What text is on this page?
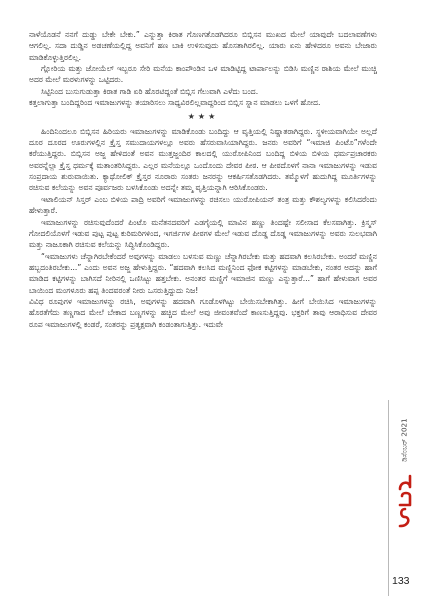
ನಾಳೆಯೊಡನೆ ನನಗೆ ದುಡ್ಡು ಬೇಕೇ ಬೇಕು.” ಎನ್ನುತ್ತಾ ಕಿರಾತ ಗೊಣಗತೊಡಗಿದರೂ ಬಿಬ್ಲಿಸನ ಮುಖದ ಮೇಲೆ ಯಾವುದೇ ಬದಲಾವಣೆಗಳು ಆಗಲಿಲ್ಲ. ಸದಾ ದುಡ್ಡಿನ ಅಡಚಣೆಯಲ್ಲಿದ್ದ ಅವನಿಗೆ ಹಣ ಬಾಕಿ ಉಳಿಸುವುದು ಹೊಸತಾಗಿರಲಿಲ್ಲ. ಯಾರು ಏನು ಹೇಳಿದರೂ ಅವನು ಬೇಜಾರು ಮಾಡಿಕೊಳ್ಳುತ್ತಿರಲಿಲ್ಲ.

ಗ್ಲೋರಿಯ ಮತ್ತು ಜೋಯೆಲ್ ಇಬ್ಬರೂ ಸೇರಿ ಮನೆಯ ಕಾಂಪೌಂಡಿನ ಒಳ ಮಾಡಿಟ್ಟಿದ್ದ ಟಾರ್ಪಾಲನ್ನು ಬಿಡಿಸಿ ಮಣ್ಣಿನ ರಾಶಿಯ ಮೇಲೆ ಮುಚ್ಚಿ ಅದರ ಮೇಲೆ ಮರಳುಗಳನ್ನು ಒಟ್ಟಿದರು.

ಸಿಟ್ಟಿನಿಂದ ಬುಸುಗುಡುತ್ತಾ ಕಿರಾತ ಗಾಡಿ ಏರಿ ಹೊರಟಿದ್ದಂತೆ ಬಿಬ್ಲಿಸ ಗೆಲುವಾಗಿ ಎಳೆದು ಬಂದ.

ಕತ್ತಲಾಗುತ್ತಾ ಬಂದಿದ್ದರಿಂದ ಇಮಾಜುಗಳನ್ನು ತಯಾರಿಸಲು ಸಾಧ್ಯವಿರಲಿಲ್ಲವಾದ್ದರಿಂದ ಬಿಬ್ಲಿಸ ಸ್ನಾನ ಮಾಡಲು ಒಳಗೆ ಹೋದ.

★★★

ಹಿಂದಿನಿಂದಲೂ ಬಿಬ್ಲಿಸನ ಹಿರಿಯರು ಇಮಾಜುಗಳನ್ನು ಮಾಡಿಕೊಂಡು ಬಂದಿದ್ದು ಆ ವೃತ್ತಿಯಲ್ಲಿ ನಿಷ್ಣಾತರಾಗಿದ್ದರು. ಸ್ಥಳೀಯವಾಗಿಯೇ ಅಲ್ಲದೆ ದೂರ ದೂರದ ಊರುಗಳಲ್ಲಿನ ಕ್ರೈಸ್ತ ಸಮುದಾಯಗಳಲ್ಲೂ ಅವರು ಹೆಸರುವಾಸಿಯಾಗಿದ್ದರು. ಜನರು ಅವರಿಗೆ “ಇಮಾಜಿ ಪಿಂಟೊ”ಗಳೆಂದೇ ಕರೆಯುತ್ತಿದ್ದರು. ಬಿಬ್ಲಿಸನ ಅಜ್ಜ ಹೇಳಿದಂತೆ ಅವನ ಮುತ್ತಜ್ಜಂದಿರ ಕಾಲದಲ್ಲಿ ಯುರೋಪಿನಿಂದ ಬಂದಿದ್ದ ಬಿಳಿಯ ಬಿಳಿಯ ಧರ್ಮಪ್ರಚಾರಕರು ಅವರನ್ನೆಲ್ಲಾ ಕ್ರೈಸ್ತ ಧರ್ಮಕ್ಕೆ ಮತಾಂತರಿಸಿದ್ದರು. ಎಲ್ಲರ ಮನೆಯಲ್ಲೂ ಒಂದೊಂದು ದೇವರ ಪೀಠ. ಆ ಪೀಠದೊಳಗೆ ನಾನಾ ಇಮಾಜುಗಳನ್ನು ಇಡುವ ಸಂಪ್ರದಾಯ ಶುರುವಾಯಿತು. ಕ್ಯಾಥೋಲಿಕ್ ಕ್ರೈಸ್ತರ ನೂರಾರು ಸಂತರು ಜನರನ್ನು ಆಕರ್ಷಿಸತೊಡಗಿದರು. ತಮ್ಮೊಳಗೆ ಹುದುಗಿದ್ದ ಮೂರ್ತಿಗಳನ್ನು ರಚಿಸುವ ಕಲೆಯನ್ನು ಅವನ ಪೂರ್ವಜರು ಬಳಸಿಕೊಂಡು ಅದನ್ನೇ ತಮ್ಮ ವೃತ್ತಿಯನ್ನಾಗಿ ಆರಿಸಿಕೊಂಡರು.

ಇಟಾಲಿಯನ್ ಸಿಸ್ತರ್ ಎಂಬ ಬಿಳಿಯ ಪಾದ್ರಿ ಅವರಿಗೆ ಇಮಾಜುಗಳನ್ನು ರಚಿಸಲು ಯುರೋಪಿಯನ್ ತಂತ್ರ ಮತ್ತು ಕೌಶಲ್ಯಗಳನ್ನು ಕಲಿಸಿದರೆಂದು ಹೇಳುತ್ತಾರೆ.

ಇಮಾಜುಗಳನ್ನು ರಚಿಸುವುದೆಂದರೆ ಪಿಂಟೊ ಮನೆತನದವರಿಗೆ ಎಡಗೈಯಲ್ಲಿ ಮಾವಿನ ಹಣ್ಣು ತಿಂದಷ್ಟೇ ಸಲೀಸಾದ ಕೆಲಸವಾಗಿತ್ತು. ಕ್ರಿಸ್ಮಸ್ ಗೋದಲಿಯೊಳಗೆ ಇಡುವ ಪುಟ್ಟ ಪುಟ್ಟ ಕುರಿಮರಿಗಳಿಂದ, ಇಗರ್ಜಿಗಳ ಪೀಠಗಳ ಮೇಲೆ ಇಡುವ ದೊಡ್ಡ ದೊಡ್ಡ ಇಮಾಜುಗಳನ್ನು ಅವರು ಸುಲಭವಾಗಿ ಮತ್ತು ನಾಜೂಕಾಗಿ ರಚಿಸುವ ಕಲೆಯನ್ನು ಸಿದ್ಧಿಸಿಕೊಂಡಿದ್ದರು.

“ಇಮಾಜುಗಳು ಚೆನ್ನಾಗಿರಬೇಕೆಂದರೆ ಅವುಗಳನ್ನು ಮಾಡಲು ಬಳಸುವ ಮಣ್ಣು ಚೆನ್ನಾಗಿರಬೇಕು ಮತ್ತು ಹದವಾಗಿ ಕಲಸಿರಬೇಕು. ಅಂದರೆ ಮಣ್ಣಿನ ಹಬ್ಬದಂತಿರಬೇಕು...” ಎಂದು ಅವನ ಅಜ್ಜ ಹೇಳುತ್ತಿದ್ದರು. “ಹದವಾಗಿ ಕಲಸಿದ ಮಣ್ಣಿನಿಂದ ಫೋಕ ಕಟ್ಟಿಗಳನ್ನು ಮಾಡಬೇಕು, ನಂತರ ಅದನ್ನು ಹಾಗೆ ಮಾಡಿದ ಕಟ್ಟಿಗಳನ್ನು ಬಾಗಿಸದೆ ನೀರಿನಲ್ಲಿ ಒಣಿಸಿಟ್ಟು ಹತ್ತಬೇಕು. ಅನಂತರ ಮಣ್ಣಿಗೆ ಇಮಾಜಿನ ಮಣ್ಣು ಎನ್ನುತ್ತಾರೆ...” ಹಾಗೆ ಹೇಳುವಾಗ ಅವರ ಬಾಯಿಂದ ಮಂಗಳೂರು ಹಪ್ಪ ತಿಂದವರಂತೆ ನೀರು ಒಸರುತ್ತಿದ್ದುದು ನಿಜ!

ವಿವಿಧ ರೂಪುಗಳ ಇಮಾಜುಗಳನ್ನು ರಚಿಸಿ, ಅವುಗಳನ್ನು ಹದವಾಗಿ ಗೂಡೊಳಗಿಟ್ಟು ಬೇಯಿಸಬೇಕಾಗಿತ್ತು. ಹೀಗೆ ಬೇಯಿಸಿದ ಇಮಾಜುಗಳನ್ನು ಹೊರತೆಗೆದು ತಣ್ಣಗಾದ ಮೇಲೆ ಬೇಕಾದ ಬಣ್ಣಗಳನ್ನು ಹಚ್ಚಿದ ಮೇಲೆ ಅವು ಜೀವಂತವೆಂದೆ ಕಾಣಸುತ್ತಿದ್ದವು. ಭಕ್ತರಿಗೆ ತಾವು ಆರಾಧಿಸುವ ದೇವರ ರೂಪ ಇಮಾಜುಗಳಲ್ಲಿ ಕಂಡರೆ, ಸಂತರನ್ನು ಪ್ರತ್ಯಕ್ಷವಾಗಿ ಕಂಡಂತಾಗುತ್ತಿತ್ತು. ಇದುವೇ

ಡಿಸೆಂಬರ್ 2021
133
